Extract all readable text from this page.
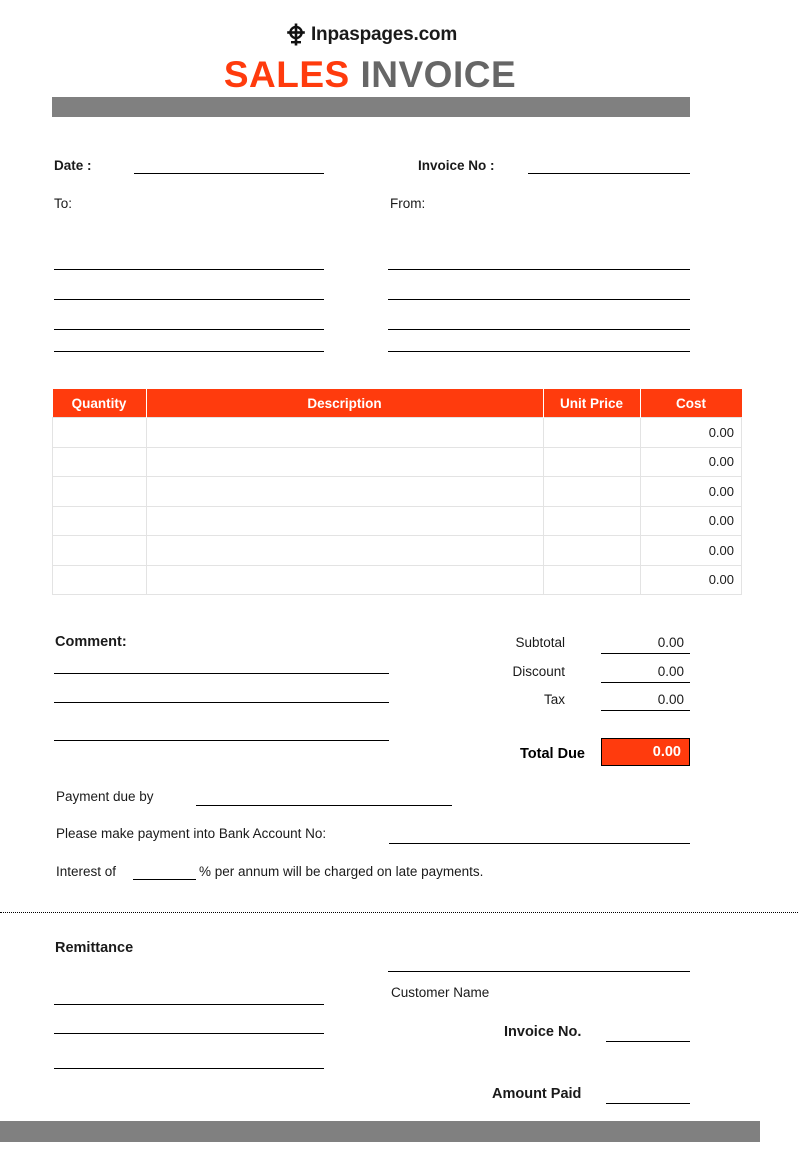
Inpaspages.com
SALES INVOICE
Date :	Invoice No :
To:	From:
Quantity	Description	Unit Price	Cost
			0.00
			0.00
			0.00
			0.00
			0.00
			0.00
Comment:	Subtotal	0.00
Discount	0.00
Tax	0.00
Total Due	0.00
Payment due by
Please make payment into Bank Account No:
Interest of	% per annum will be charged on late payments.
Remittance
Customer Name
Invoice No.
Amount Paid
